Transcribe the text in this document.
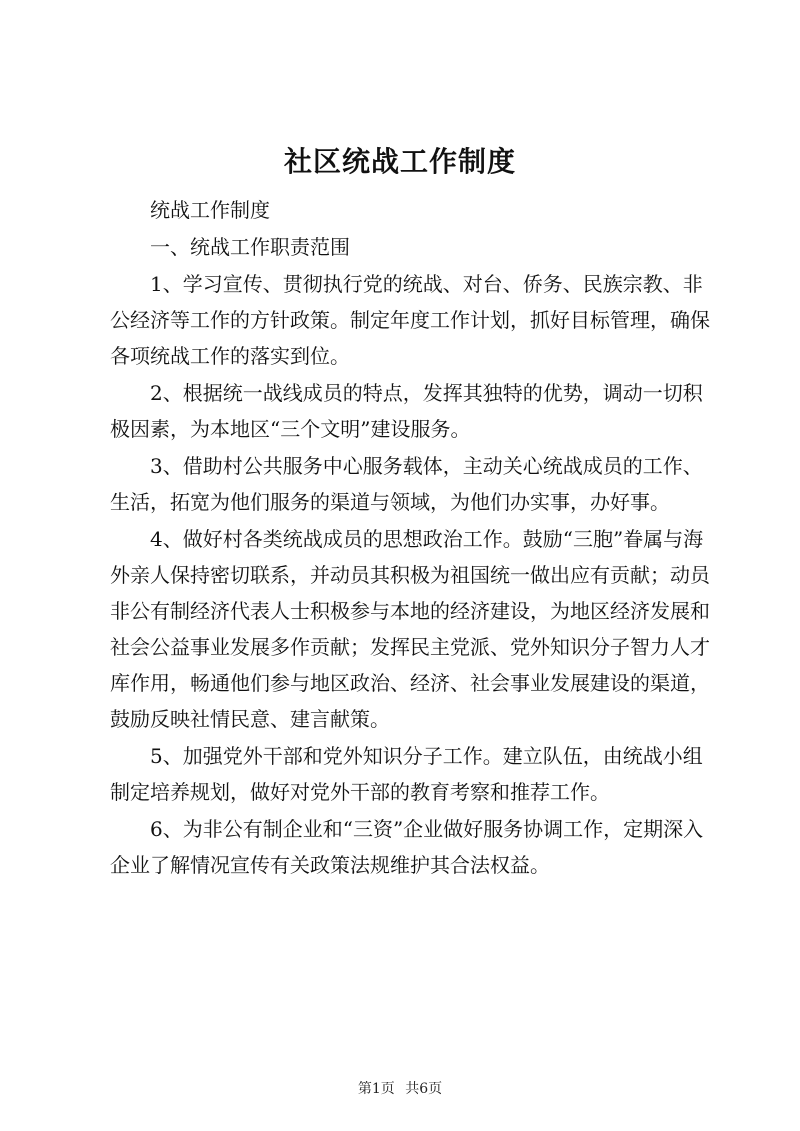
社区统战工作制度

统战工作制度

一、统战工作职责范围

1、学习宣传、贯彻执行党的统战、对台、侨务、民族宗教、非公经济等工作的方针政策。制定年度工作计划，抓好目标管理，确保各项统战工作的落实到位。

2、根据统一战线成员的特点，发挥其独特的优势，调动一切积极因素，为本地区“三个文明”建设服务。

3、借助村公共服务中心服务载体，主动关心统战成员的工作、生活，拓宽为他们服务的渠道与领域，为他们办实事，办好事。

4、做好村各类统战成员的思想政治工作。鼓励“三胞”眷属与海外亲人保持密切联系，并动员其积极为祖国统一做出应有贡献；动员非公有制经济代表人士积极参与本地的经济建设，为地区经济发展和社会公益事业发展多作贡献；发挥民主党派、党外知识分子智力人才库作用，畅通他们参与地区政治、经济、社会事业发展建设的渠道，鼓励反映社情民意、建言献策。

5、加强党外干部和党外知识分子工作。建立队伍，由统战小组制定培养规划，做好对党外干部的教育考察和推荐工作。

6、为非公有制企业和“三资”企业做好服务协调工作，定期深入企业了解情况宣传有关政策法规维护其合法权益。

第1页 共6页
